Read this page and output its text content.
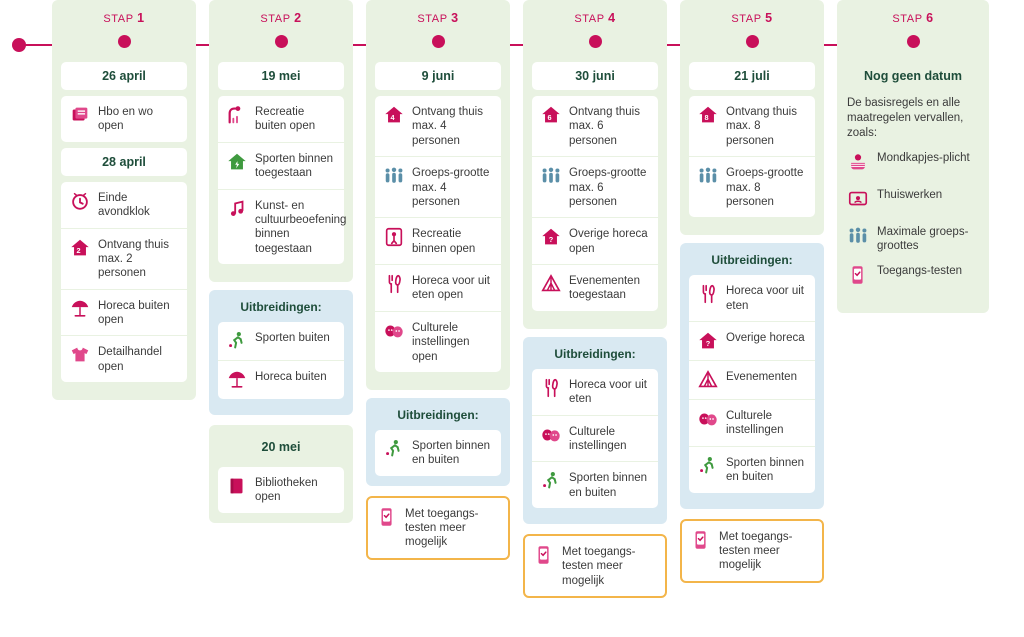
STAP 1
26 april
Hbo en wo open
28 april
Einde avondklok
2 Ontvang thuis max. 2 personen
Horeca buiten open
Detailhandel open
STAP 2
19 mei
Recreatie buiten open
Sporten binnen toegestaan
Kunst- en cultuurbeoefening binnen toegestaan
Uitbreidingen:
Sporten buiten
Horeca buiten
20 mei
Bibliotheken open
STAP 3
9 juni
4 Ontvang thuis max. 4 personen
Groeps-grootte max. 4 personen
Recreatie binnen open
Horeca voor uit eten open
Culturele instellingen open
Uitbreidingen:
Sporten binnen en buiten
Met toegangs-testen meer mogelijk
STAP 4
30 juni
6 Ontvang thuis max. 6 personen
Groeps-grootte max. 6 personen
? Overige horeca open
Evenementen toegestaan
Uitbreidingen:
Horeca voor uit eten
Culturele instellingen
Sporten binnen en buiten
Met toegangs-testen meer mogelijk
STAP 5
21 juli
8 Ontvang thuis max. 8 personen
Groeps-grootte max. 8 personen
Uitbreidingen:
Horeca voor uit eten
? Overige horeca
Evenementen
Culturele instellingen
Sporten binnen en buiten
Met toegangs-testen meer mogelijk
STAP 6
Nog geen datum

De basisregels en alle maatregelen vervallen, zoals:

Mondkapjes-plicht
Thuiswerken
Maximale groeps-groottes
Toegangs-testen
